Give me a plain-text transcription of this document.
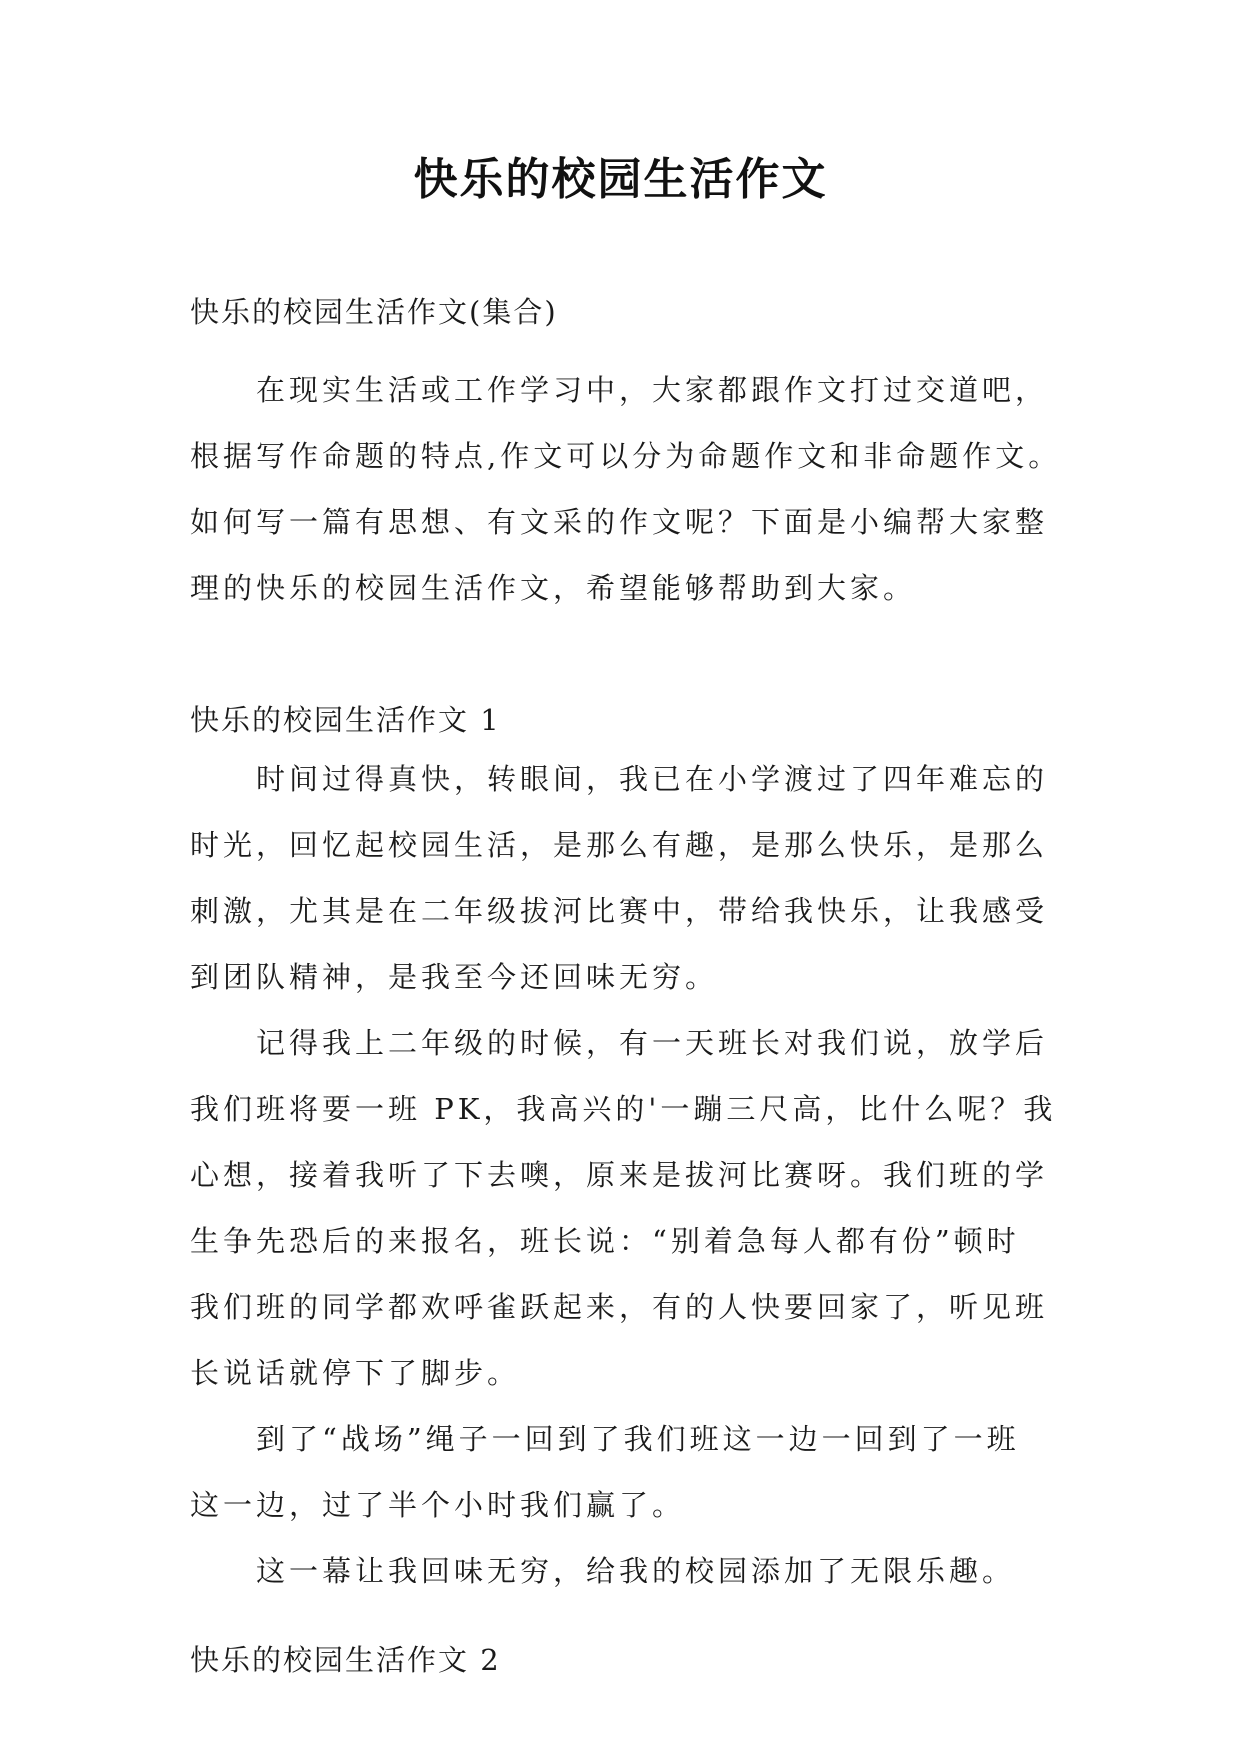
快乐的校园生活作文
快乐的校园生活作文(集合)
在现实生活或工作学习中，大家都跟作文打过交道吧，
根据写作命题的特点,作文可以分为命题作文和非命题作文。
如何写一篇有思想、有文采的作文呢？下面是小编帮大家整
理的快乐的校园生活作文，希望能够帮助到大家。
快乐的校园生活作文 1
时间过得真快，转眼间，我已在小学渡过了四年难忘的
时光，回忆起校园生活，是那么有趣，是那么快乐，是那么
刺激，尤其是在二年级拔河比赛中，带给我快乐，让我感受
到团队精神，是我至今还回味无穷。
记得我上二年级的时候，有一天班长对我们说，放学后
我们班将要一班 PK，我高兴的'一蹦三尺高，比什么呢？我
心想，接着我听了下去噢，原来是拔河比赛呀。我们班的学
生争先恐后的来报名，班长说：“别着急每人都有份”顿时
我们班的同学都欢呼雀跃起来，有的人快要回家了，听见班
长说话就停下了脚步。
到了“战场”绳子一回到了我们班这一边一回到了一班
这一边，过了半个小时我们赢了。
这一幕让我回味无穷，给我的校园添加了无限乐趣。
快乐的校园生活作文 2
